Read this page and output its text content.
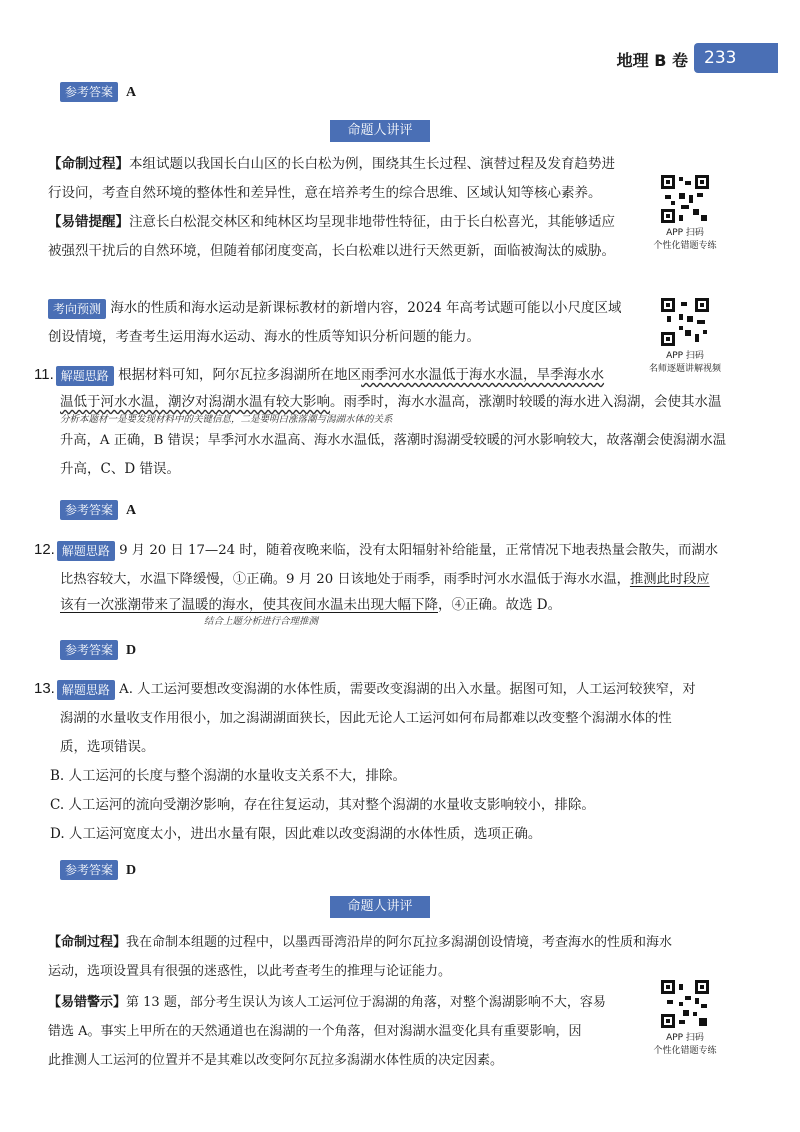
地理 B 卷 233
参考答案 A
命题人讲评
【命制过程】本组试题以我国长白山区的长白松为例，围绕其生长过程、演替过程及发育趋势进
行设问，考查自然环境的整体性和差异性，意在培养考生的综合思维、区域认知等核心素养。
【易错提醒】注意长白松混交林区和纯林区均呈现非地带性特征，由于长白松喜光，其能够适应
被强烈干扰后的自然环境，但随着郁闭度变高，长白松难以进行天然更新，面临被淘汰的威胁。
APP 扫码
个性化错题专练
考向预测 海水的性质和海水运动是新课标教材的新增内容，2024 年高考试题可能以小尺度区域
创设情境，考查考生运用海水运动、海水的性质等知识分析问题的能力。
APP 扫码
名师逐题讲解视频
11. 解题思路 根据材料可知，阿尔瓦拉多潟湖所在地区雨季河水水温低于海水水温，旱季海水水
温低于河水水温，潮汐对潟湖水温有较大影响。雨季时，海水水温高，涨潮时较暖的海水进入潟湖，会使其水温
分析本题材一是要发现材料中的关键信息，二是要明白涨落潮与潟湖水体的关系
升高，A 正确，B 错误；旱季河水水温高、海水水温低，落潮时潟湖受较暖的河水影响较大，故落潮会使潟湖水温
升高，C、D 错误。
参考答案 A
12. 解题思路 9 月 20 日 17—24 时，随着夜晚来临，没有太阳辐射补给能量，正常情况下地表热量会散失，而湖水
比热容较大，水温下降缓慢，①正确。9 月 20 日该地处于雨季，雨季时河水水温低于海水水温，推测此时段应
该有一次涨潮带来了温暖的海水，使其夜间水温未出现大幅下降，④正确。故选 D。
结合上题分析进行合理推测
参考答案 D
13. 解题思路 A. 人工运河要想改变潟湖的水体性质，需要改变潟湖的出入水量。据图可知，人工运河较狭窄，对
潟湖的水量收支作用很小，加之潟湖湖面狭长，因此无论人工运河如何布局都难以改变整个潟湖水体的性
质，选项错误。
B. 人工运河的长度与整个潟湖的水量收支关系不大，排除。
C. 人工运河的流向受潮汐影响，存在往复运动，其对整个潟湖的水量收支影响较小，排除。
D. 人工运河宽度太小，进出水量有限，因此难以改变潟湖的水体性质，选项正确。
参考答案 D
命题人讲评
【命制过程】我在命制本组题的过程中，以墨西哥湾沿岸的阿尔瓦拉多潟湖创设情境，考查海水的性质和海水
运动，选项设置具有很强的迷惑性，以此考查考生的推理与论证能力。
【易错警示】第 13 题，部分考生误认为该人工运河位于潟湖的角落，对整个潟湖影响不大，容易
错选 A。事实上甲所在的天然通道也在潟湖的一个角落，但对潟湖水温变化具有重要影响，因
此推测人工运河的位置并不是其难以改变阿尔瓦拉多潟湖水体性质的决定因素。
APP 扫码
个性化错题专练
